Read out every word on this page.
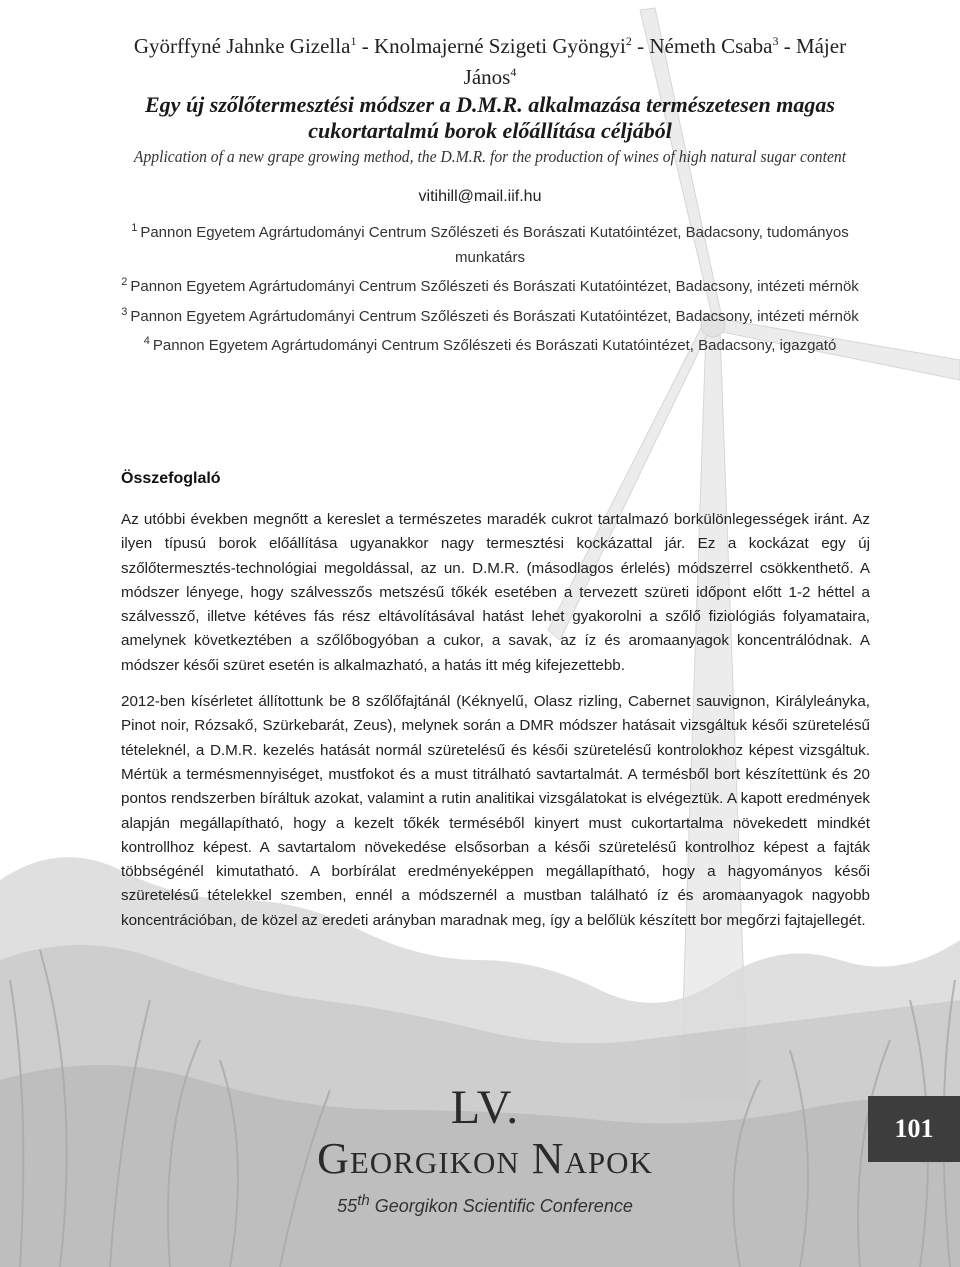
Györffyné Jahnke Gizella$^1$ - Knolmajerné Szigeti Gyöngyi$^2$ - Németh Csaba$^3$ - Májer János$^4$
Egy új szőlőtermesztési módszer a D.M.R. alkalmazása természetesen magas cukortartalmú borok előállítása céljából
Application of a new grape growing method, the D.M.R. for the production of wines of high natural sugar content
vitihill@mail.iif.hu

$^1$ Pannon Egyetem Agrártudományi Centrum Szőlészeti és Borászati Kutatóintézet, Badacsony, tudományos munkatárs

$^2$ Pannon Egyetem Agrártudományi Centrum Szőlészeti és Borászati Kutatóintézet, Badacsony, intézeti mérnök

$^3$ Pannon Egyetem Agrártudományi Centrum Szőlészeti és Borászati Kutatóintézet, Badacsony, intézeti mérnök

$^4$ Pannon Egyetem Agrártudományi Centrum Szőlészeti és Borászati Kutatóintézet, Badacsony, igazgató

Összefoglaló

Az utóbbi években megnőtt a kereslet a természetes maradék cukrot tartalmazó borkülönlegességek iránt. Az ilyen típusú borok előállítása ugyanakkor nagy termesztési kockázattal jár. Ez a kockázat egy új szőlőtermesztés-technológiai megoldással, az un. D.M.R. (másodlagos érlelés) módszerrel csökkenthető. A módszer lényege, hogy szálvesszős metszésű tőkék esetében a tervezett szüreti időpont előtt 1-2 héttel a szálvessző, illetve kétéves fás rész eltávolításával hatást lehet gyakorolni a szőlő fiziológiás folyamataira, amelynek következtében a szőlőbogyóban a cukor, a savak, az íz és aromaanyagok koncentrálódnak. A módszer késői szüret esetén is alkalmazható, a hatás itt még kifejezettebb.

2012-ben kísérletet állítottunk be 8 szőlőfajtánál (Kéknyelű, Olasz rizling, Cabernet sauvignon, Királyleányka, Pinot noir, Rózsakő, Szürkebarát, Zeus), melynek során a DMR módszer hatásait vizsgáltuk késői szüretelésű tételeknél, a D.M.R. kezelés hatását normál szüretelésű és késői szüretelésű kontrolokhoz képest vizsgáltuk. Mértük a termésmennyiséget, mustfokot és a must titrálható savtartalmát. A termésből bort készítettünk és 20 pontos rendszerben bíráltuk azokat, valamint a rutin analitikai vizsgálatokat is elvégeztük. A kapott eredmények alapján megállapítható, hogy a kezelt tőkék terméséből kinyert must cukortartalma növekedett mindkét kontrollhoz képest. A savtartalom növekedése elsősorban a késői szüretelésű kontrolhoz képest a fajták többségénél kimutatható. A borbírálat eredményeképpen megállapítható, hogy a hagyományos késői szüretelésű tételekkel szemben, ennél a módszernél a mustban található íz és aromaanyagok nagyobb koncentrációban, de közel az eredeti arányban maradnak meg, így a belőlük készített bor megőrzi fajtajellegét.

LV.
Georgikon Napok
55th Georgikon Scientific Conference
101
